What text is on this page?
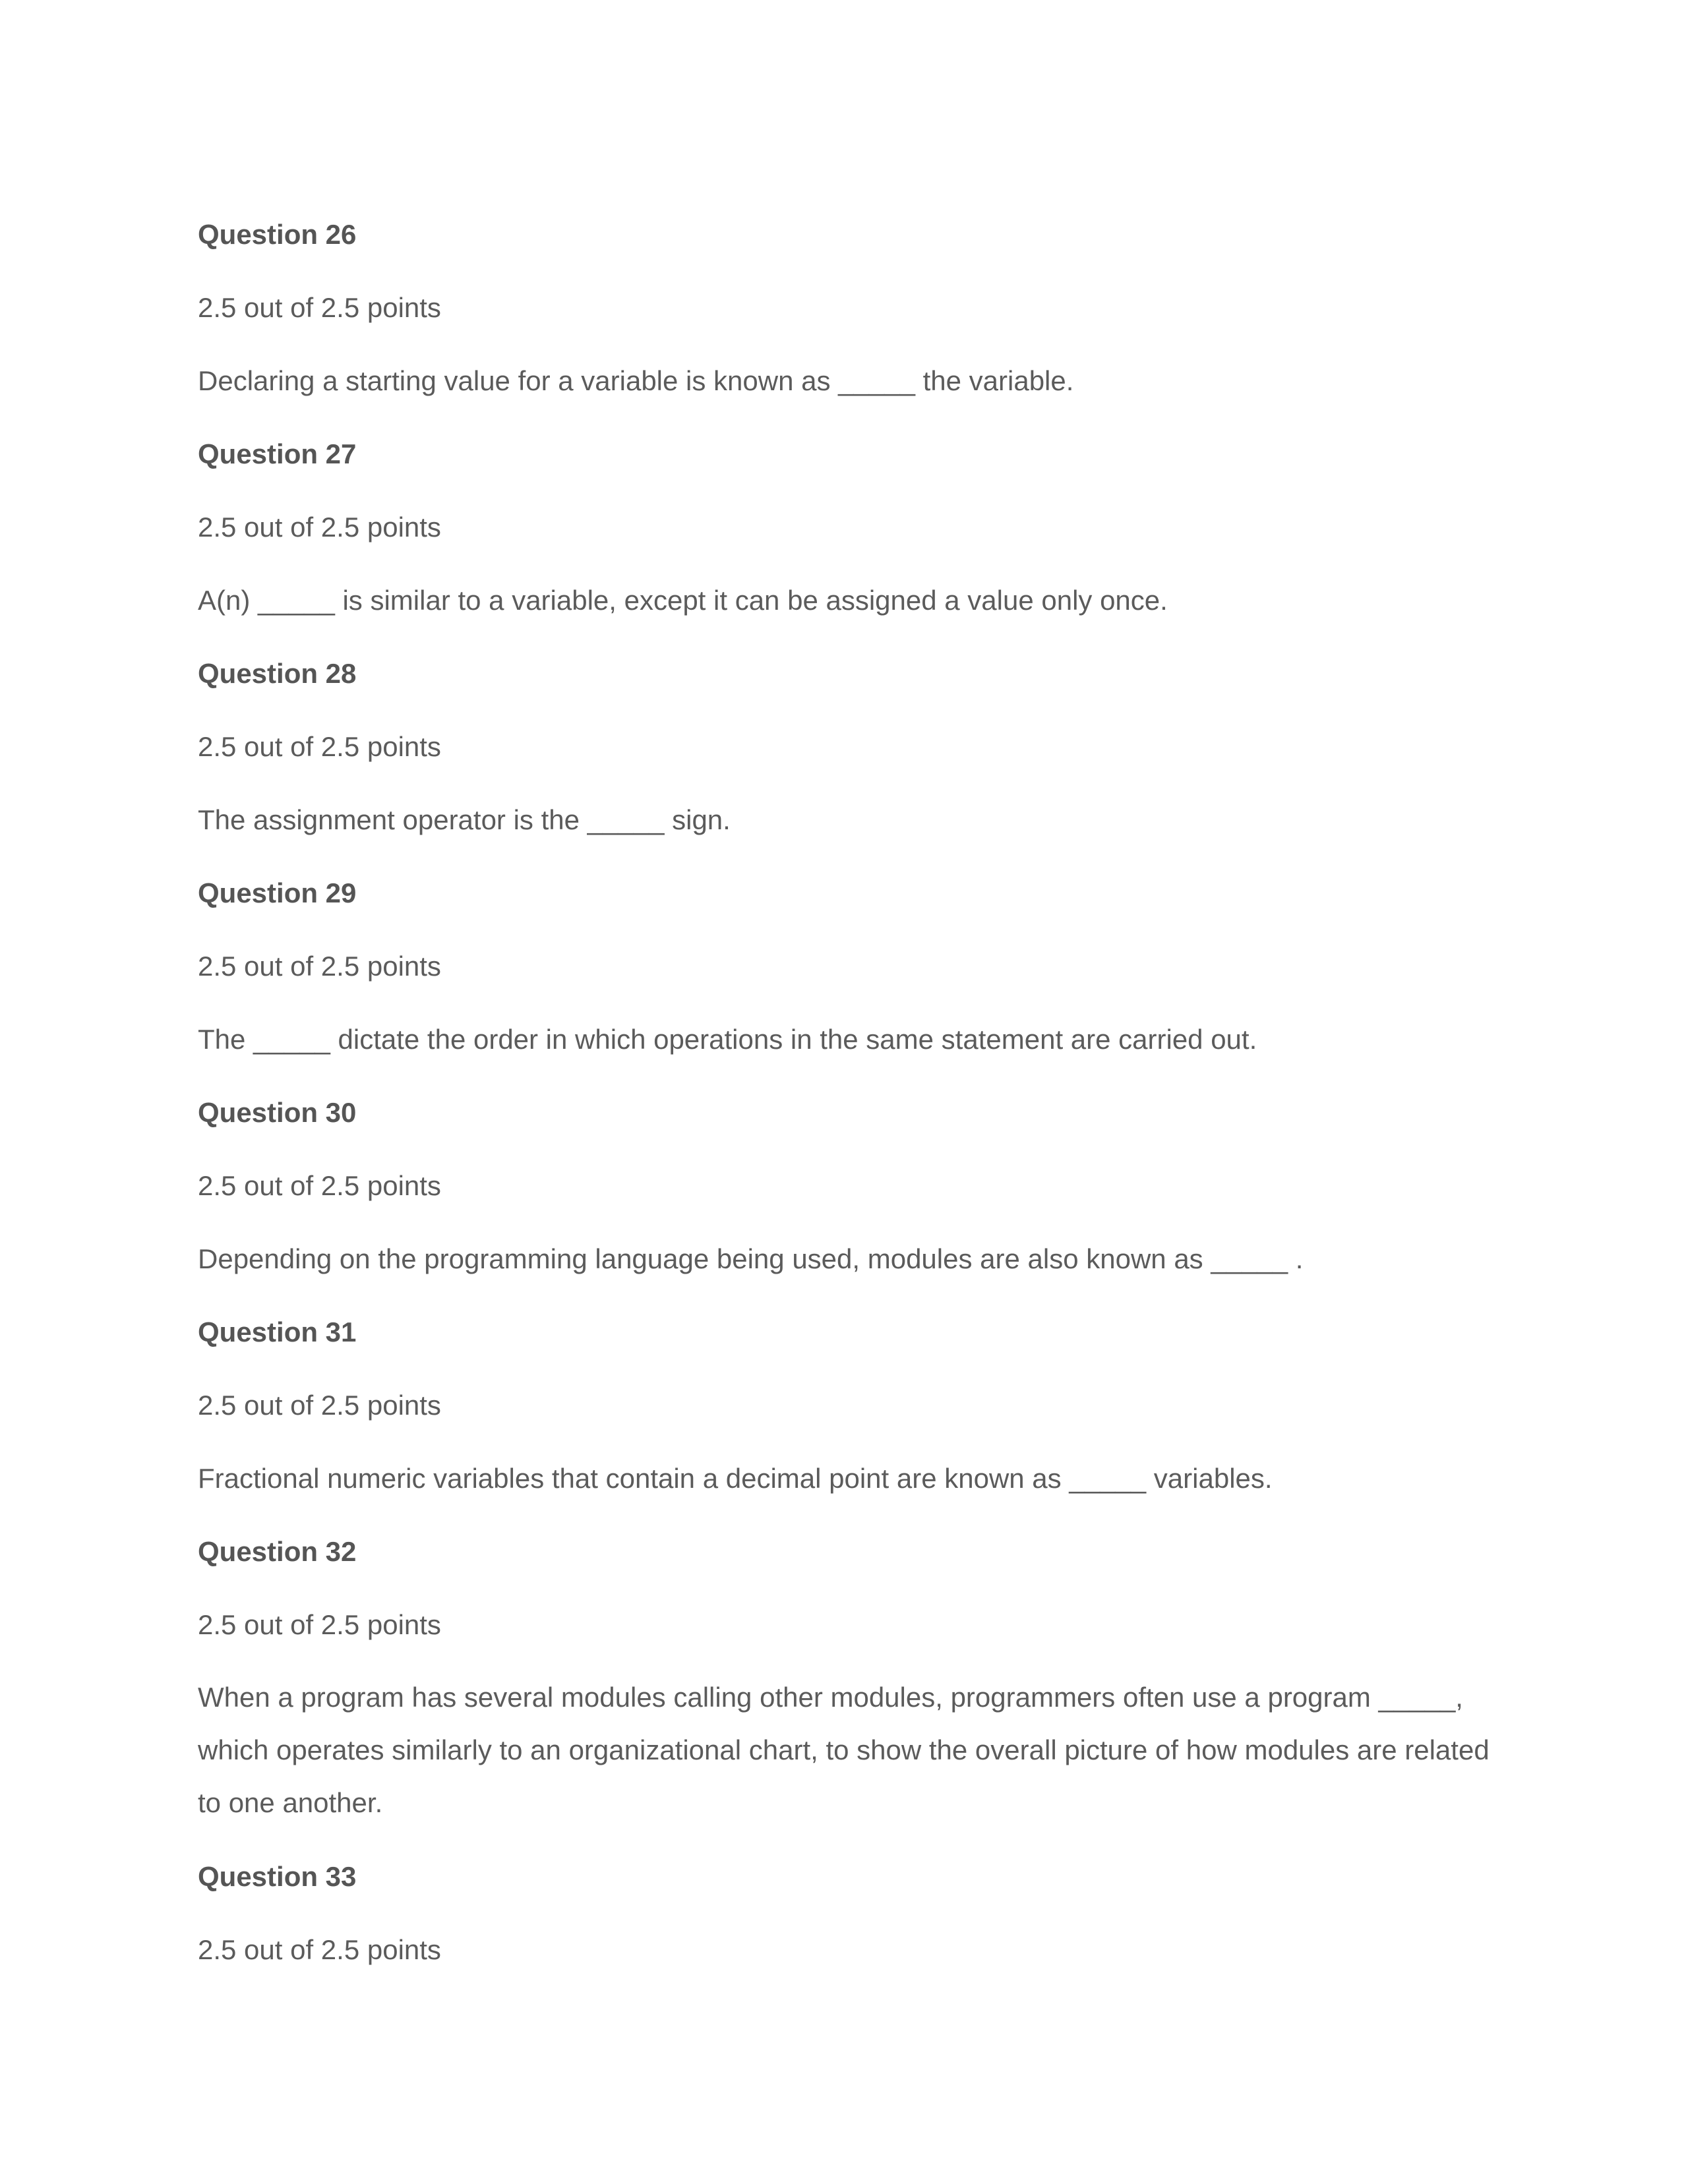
Question 26
2.5 out of 2.5 points
Declaring a starting value for a variable is known as _____ the variable.
Question 27
2.5 out of 2.5 points
A(n) _____ is similar to a variable, except it can be assigned a value only once.
Question 28
2.5 out of 2.5 points
The assignment operator is the _____ sign.
Question 29
2.5 out of 2.5 points
The _____ dictate the order in which operations in the same statement are carried out.
Question 30
2.5 out of 2.5 points
Depending on the programming language being used, modules are also known as _____ .
Question 31
2.5 out of 2.5 points
Fractional numeric variables that contain a decimal point are known as _____ variables.
Question 32
2.5 out of 2.5 points
When a program has several modules calling other modules, programmers often use a program _____, which operates similarly to an organizational chart, to show the overall picture of how modules are related to one another.
Question 33
2.5 out of 2.5 points
